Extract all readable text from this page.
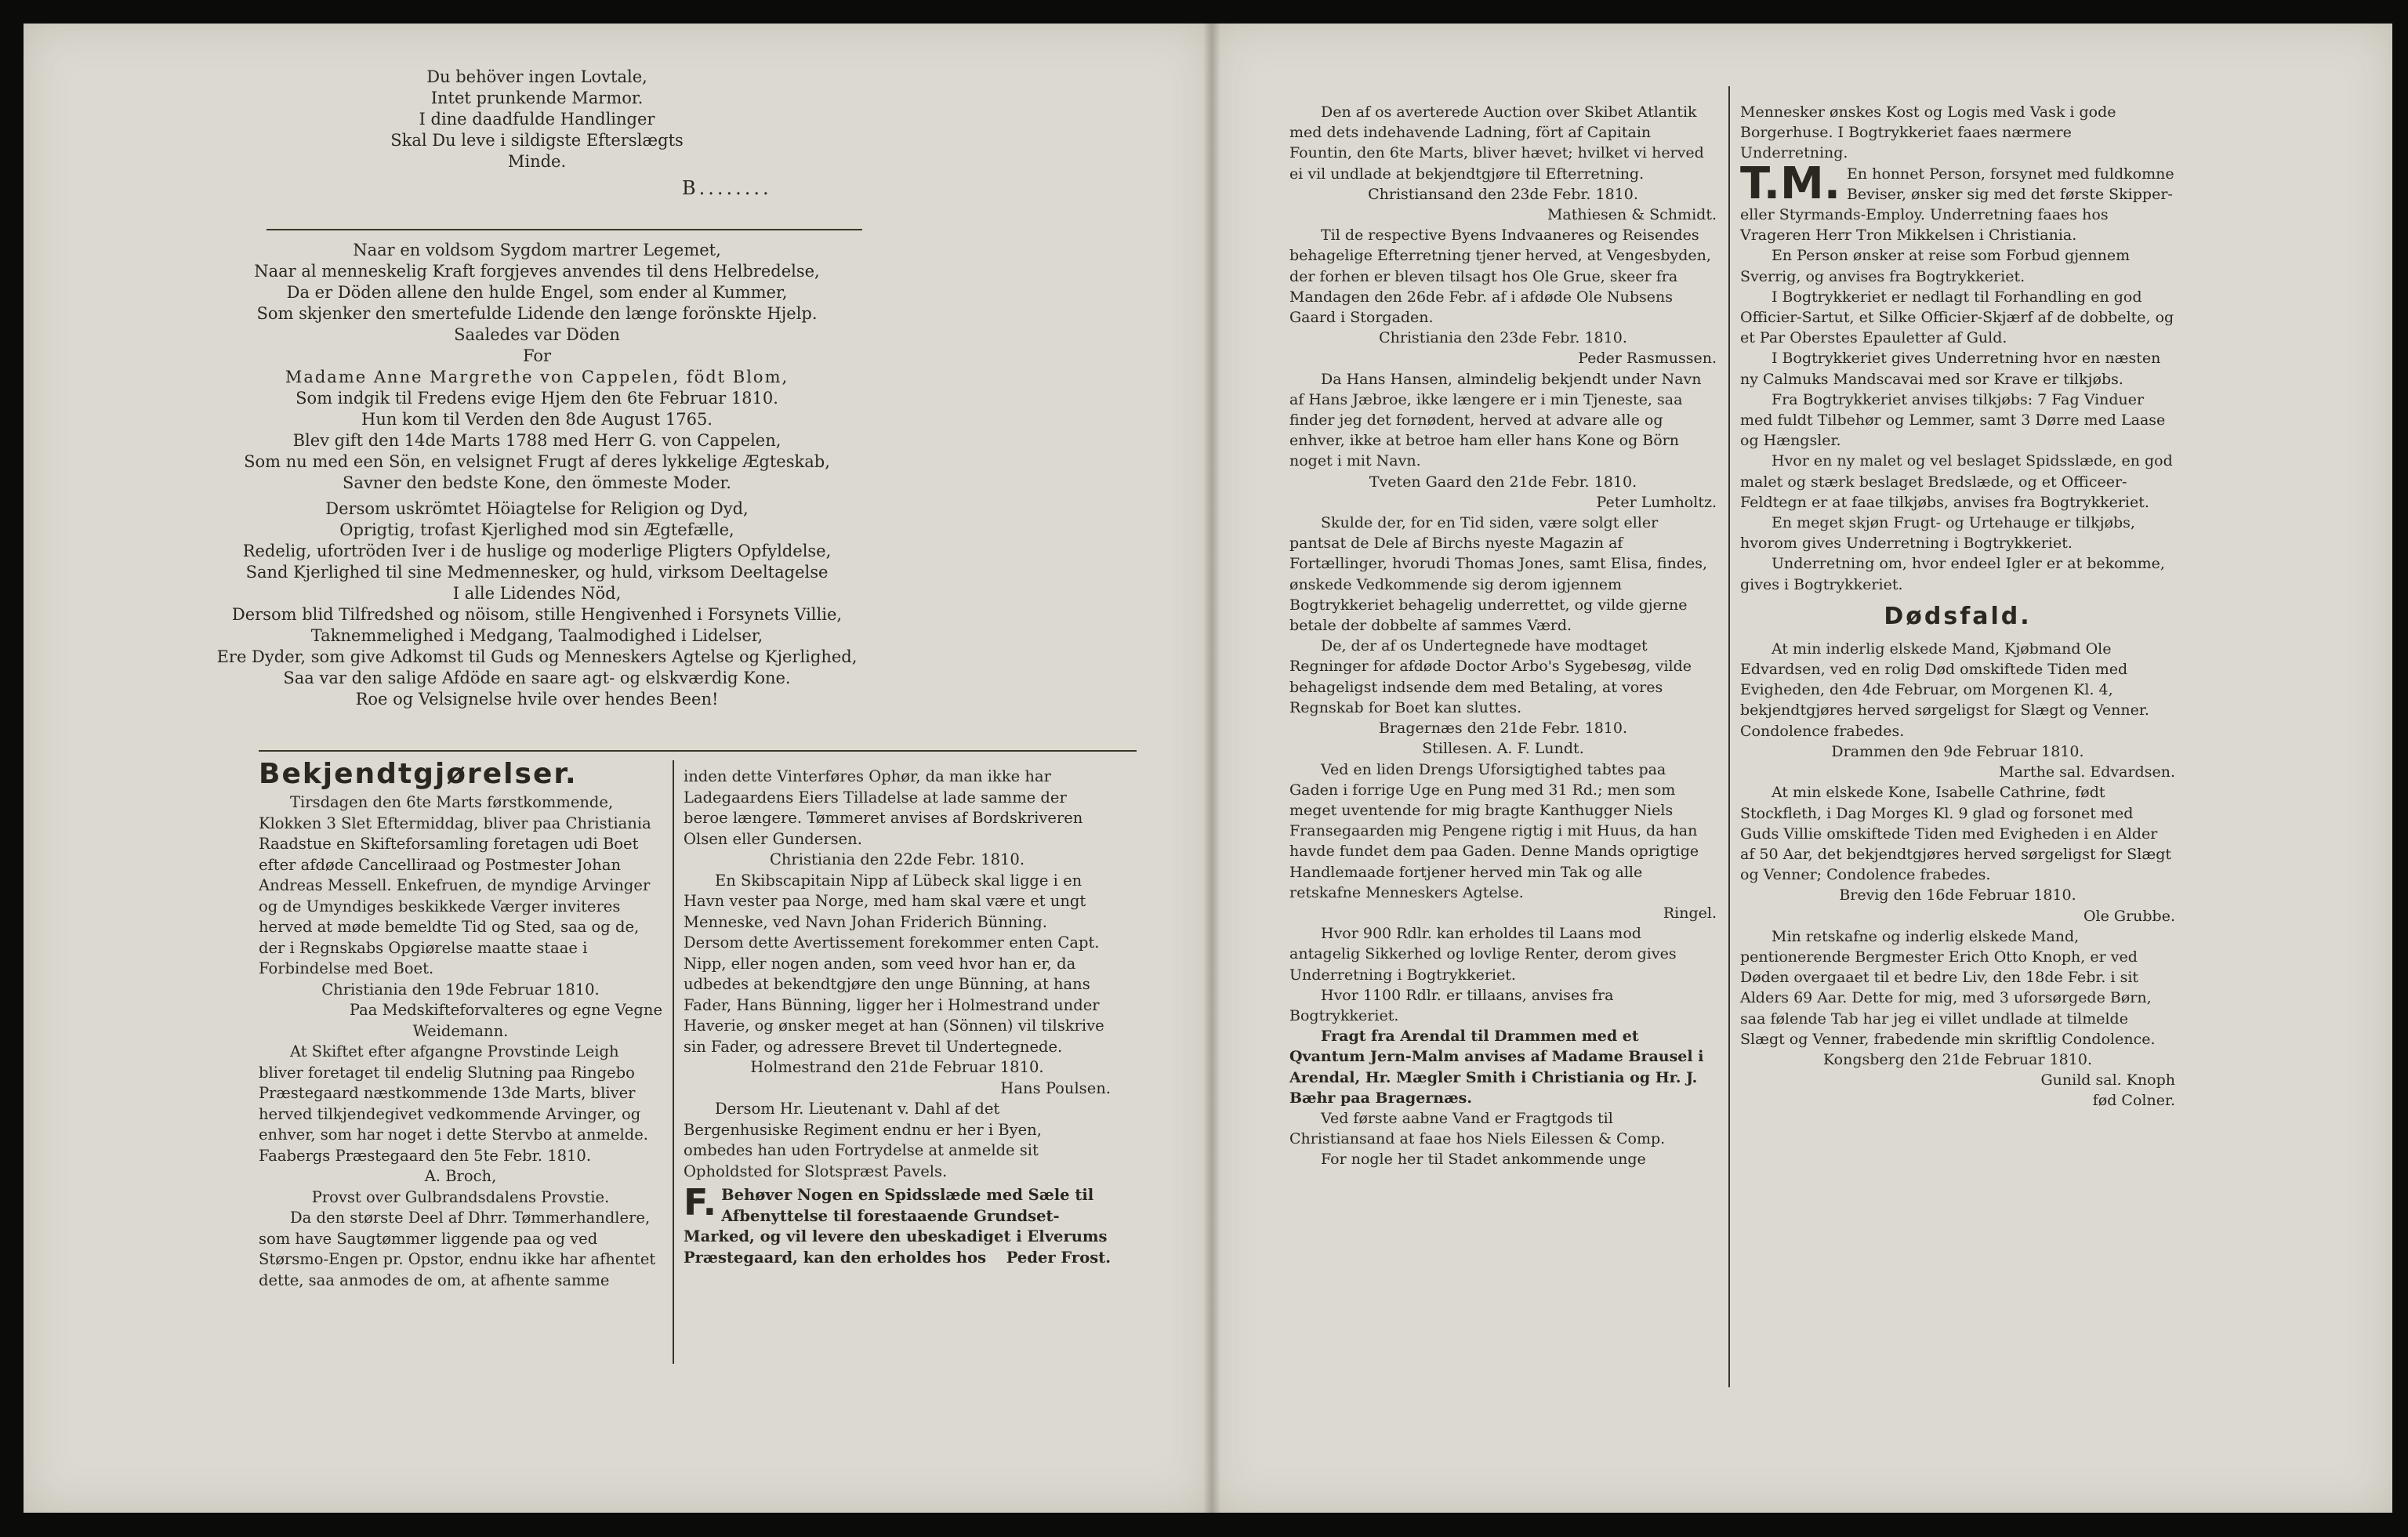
Du behöver ingen Lovtale,

Intet prunkende Marmor.

I dine daadfulde Handlinger

Skal Du leve i sildigste Efterslægts

Minde.

B........

Naar en voldsom Sygdom martrer Legemet,

Naar al menneskelig Kraft forgjeves anvendes til dens Helbredelse,

Da er Döden allene den hulde Engel, som ender al Kummer,

Som skjenker den smertefulde Lidende den længe forönskte Hjelp.

Saaledes var Döden

For

Madame Anne Margrethe von Cappelen, födt Blom,

Som indgik til Fredens evige Hjem den 6te Februar 1810.

Hun kom til Verden den 8de August 1765.

Blev gift den 14de Marts 1788 med Herr G. von Cappelen,

Som nu med een Sön, en velsignet Frugt af deres lykkelige Ægteskab,

Savner den bedste Kone, den ömmeste Moder.

Dersom uskrömtet Höiagtelse for Religion og Dyd,

Oprigtig, trofast Kjerlighed mod sin Ægtefælle,

Redelig, ufortröden Iver i de huslige og moderlige Pligters Opfyldelse,

Sand Kjerlighed til sine Medmennesker, og huld, virksom Deeltagelse

I alle Lidendes Nöd,

Dersom blid Tilfredshed og nöisom, stille Hengivenhed i Forsynets Villie,

Taknemmelighed i Medgang, Taalmodighed i Lidelser,

Ere Dyder, som give Adkomst til Guds og Menneskers Agtelse og Kjerlighed,

Saa var den salige Afdöde en saare agt- og elskværdig Kone.

Roe og Velsignelse hvile over hendes Been!

Bekjendtgjørelser.

Tirsdagen den 6te Marts førstkommende, Klokken 3 Slet Eftermiddag, bliver paa Christiania Raadstue en Skifteforsamling foretagen udi Boet efter afdøde Cancelliraad og Postmester Johan Andreas Messell. Enkefruen, de myndige Arvinger og de Umyndiges beskikkede Værger inviteres herved at møde bemeldte Tid og Sted, saa og de, der i Regnskabs Opgiørelse maatte staae i Forbindelse med Boet.

Christiania den 19de Februar 1810.

Paa Medskifteforvalteres og egne Vegne

Weidemann.

At Skiftet efter afgangne Provstinde Leigh bliver foretaget til endelig Slutning paa Ringebo Præstegaard næstkommende 13de Marts, bliver herved tilkjendegivet vedkommende Arvinger, og enhver, som har noget i dette Stervbo at anmelde.

Faabergs Præstegaard den 5te Febr. 1810.

A. Broch,

Provst over Gulbrandsdalens Provstie.

Da den største Deel af Dhrr. Tømmerhandlere, som have Saugtømmer liggende paa og ved Størsmo-Engen pr. Opstor, endnu ikke har afhentet dette, saa anmodes de om, at afhente samme

inden dette Vinterføres Ophør, da man ikke har Ladegaardens Eiers Tilladelse at lade samme der beroe længere. Tømmeret anvises af Bordskriveren Olsen eller Gundersen.

Christiania den 22de Febr. 1810.

En Skibscapitain Nipp af Lübeck skal ligge i en Havn vester paa Norge, med ham skal være et ungt Menneske, ved Navn Johan Friderich Bünning. Dersom dette Avertissement forekommer enten Capt. Nipp, eller nogen anden, som veed hvor han er, da udbedes at bekendtgjøre den unge Bünning, at hans Fader, Hans Bünning, ligger her i Holmestrand under Haverie, og ønsker meget at han (Sönnen) vil tilskrive sin Fader, og adressere Brevet til Undertegnede.

Holmestrand den 21de Februar 1810.

Hans Poulsen.

Dersom Hr. Lieutenant v. Dahl af det Bergenhusiske Regiment endnu er her i Byen, ombedes han uden Fortrydelse at anmelde sit Opholdsted for Slotspræst Pavels.

F. Behøver Nogen en Spidsslæde med Sæle til Afbenyttelse til forestaaende Grundset-Marked, og vil levere den ubeskadiget i Elverums Præstegaard, kan den erholdes hos Peder Frost.

Den af os averterede Auction over Skibet Atlantik med dets indehavende Ladning, fört af Capitain Fountin, den 6te Marts, bliver hævet; hvilket vi herved ei vil undlade at bekjendtgjøre til Efterretning.

Christiansand den 23de Febr. 1810.

Mathiesen & Schmidt.

Til de respective Byens Indvaaneres og Reisendes behagelige Efterretning tjener herved, at Vengesbyden, der forhen er bleven tilsagt hos Ole Grue, skeer fra Mandagen den 26de Febr. af i afdøde Ole Nubsens Gaard i Storgaden.

Christiania den 23de Febr. 1810.

Peder Rasmussen.

Da Hans Hansen, almindelig bekjendt under Navn af Hans Jæbroe, ikke længere er i min Tjeneste, saa finder jeg det fornødent, herved at advare alle og enhver, ikke at betroe ham eller hans Kone og Börn noget i mit Navn.

Tveten Gaard den 21de Febr. 1810.

Peter Lumholtz.

Skulde der, for en Tid siden, være solgt eller pantsat de Dele af Birchs nyeste Magazin af Fortællinger, hvorudi Thomas Jones, samt Elisa, findes, ønskede Vedkommende sig derom igjennem Bogtrykkeriet behagelig underrettet, og vilde gjerne betale der dobbelte af sammes Værd.

De, der af os Undertegnede have modtaget Regninger for afdøde Doctor Arbo's Sygebesøg, vilde behageligst indsende dem med Betaling, at vores Regnskab for Boet kan sluttes.

Bragernæs den 21de Febr. 1810.

Stillesen. A. F. Lundt.

Ved en liden Drengs Uforsigtighed tabtes paa Gaden i forrige Uge en Pung med 31 Rd.; men som meget uventende for mig bragte Kanthugger Niels Fransegaarden mig Pengene rigtig i mit Huus, da han havde fundet dem paa Gaden. Denne Mands oprigtige Handlemaade fortjener herved min Tak og alle retskafne Menneskers Agtelse.

Ringel.

Hvor 900 Rdlr. kan erholdes til Laans mod antagelig Sikkerhed og lovlige Renter, derom gives Underretning i Bogtrykkeriet.

Hvor 1100 Rdlr. er tillaans, anvises fra Bogtrykkeriet.

Fragt fra Arendal til Drammen med et Qvantum Jern-Malm anvises af Madame Brausel i Arendal, Hr. Mægler Smith i Christiania og Hr. J. Bæhr paa Bragernæs.

Ved første aabne Vand er Fragtgods til Christiansand at faae hos Niels Eilessen & Comp.

For nogle her til Stadet ankommende unge

Mennesker ønskes Kost og Logis med Vask i gode Borgerhuse. I Bogtrykkeriet faaes nærmere Underretning.

T.M. En honnet Person, forsynet med fuldkomne Beviser, ønsker sig med det første Skipper- eller Styrmands-Employ. Underretning faaes hos Vrageren Herr Tron Mikkelsen i Christiania.

En Person ønsker at reise som Forbud gjennem Sverrig, og anvises fra Bogtrykkeriet.

I Bogtrykkeriet er nedlagt til Forhandling en god Officier-Sartut, et Silke Officier-Skjærf af de dobbelte, og et Par Oberstes Epauletter af Guld.

I Bogtrykkeriet gives Underretning hvor en næsten ny Calmuks Mandscavai med sor Krave er tilkjøbs.

Fra Bogtrykkeriet anvises tilkjøbs: 7 Fag Vinduer med fuldt Tilbehør og Lemmer, samt 3 Dørre med Laase og Hængsler.

Hvor en ny malet og vel beslaget Spidsslæde, en god malet og stærk beslaget Bredslæde, og et Officeer-Feldtegn er at faae tilkjøbs, anvises fra Bogtrykkeriet.

En meget skjøn Frugt- og Urtehauge er tilkjøbs, hvorom gives Underretning i Bogtrykkeriet.

Underretning om, hvor endeel Igler er at bekomme, gives i Bogtrykkeriet.

Dødsfald.

At min inderlig elskede Mand, Kjøbmand Ole Edvardsen, ved en rolig Død omskiftede Tiden med Evigheden, den 4de Februar, om Morgenen Kl. 4, bekjendtgjøres herved sørgeligst for Slægt og Venner. Condolence frabedes.

Drammen den 9de Februar 1810.

Marthe sal. Edvardsen.

At min elskede Kone, Isabelle Cathrine, født Stockfleth, i Dag Morges Kl. 9 glad og forsonet med Guds Villie omskiftede Tiden med Evigheden i en Alder af 50 Aar, det bekjendtgjøres herved sørgeligst for Slægt og Venner; Condolence frabedes.

Brevig den 16de Februar 1810.

Ole Grubbe.

Min retskafne og inderlig elskede Mand, pentionerende Bergmester Erich Otto Knoph, er ved Døden overgaaet til et bedre Liv, den 18de Febr. i sit Alders 69 Aar. Dette for mig, med 3 uforsørgede Børn, saa følende Tab har jeg ei villet undlade at tilmelde Slægt og Venner, frabedende min skriftlig Condolence.

Kongsberg den 21de Februar 1810.

Gunild sal. Knoph

fød Colner.
